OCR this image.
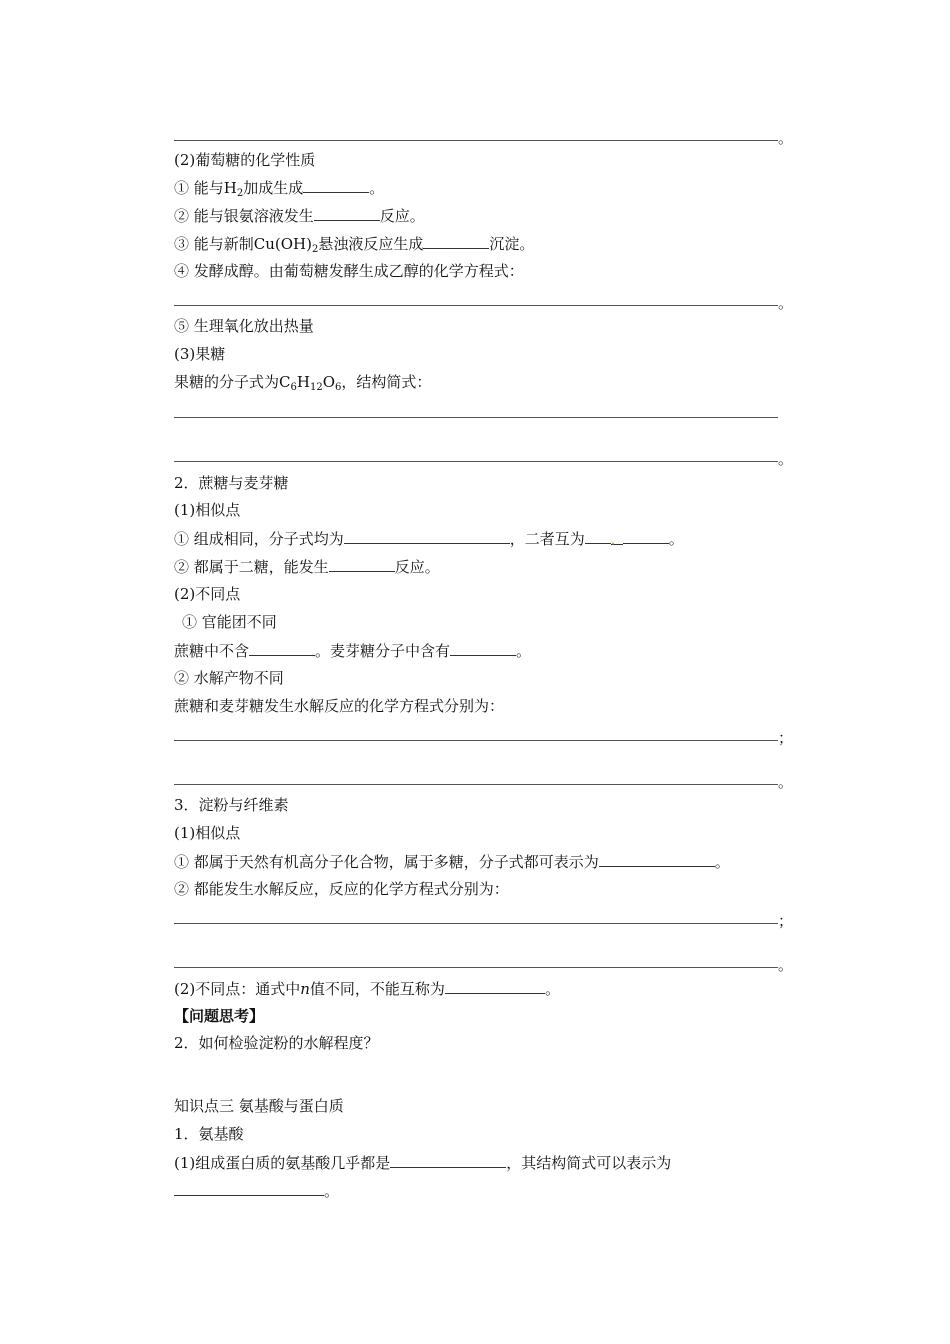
。
(2)葡萄糖的化学性质
① 能与$H_2$加成生成	。
② 能与银氨溶液发生	反应。
③ 能与新制$Cu(OH)_2$悬浊液反应生成	沉淀。
④ 发酵成醇。由葡萄糖发酵生成乙醇的化学方程式：
。
⑤ 生理氧化放出热量
(3)果糖
果糖的分子式为$C_6H_{12}O_6$，结构简式：
。
2．蔗糖与麦芽糖
(1)相似点
① 组成相同，分子式均为	，二者互为 ．	。
② 都属于二糖，能发生	反应。
(2)不同点
① 官能团不同
蔗糖中不含	。麦芽糖分子中含有	。
② 水解产物不同
蔗糖和麦芽糖发生水解反应的化学方程式分别为：
；
。
3．淀粉与纤维素
(1)相似点
① 都属于天然有机高分子化合物，属于多糖，分子式都可表示为	。
② 都能发生水解反应，反应的化学方程式分别为：
；
。
(2)不同点：通式中n值不同，不能互称为	。
【问题思考】
2．如何检验淀粉的水解程度？
知识点三 氨基酸与蛋白质
1．氨基酸
(1)组成蛋白质的氨基酸几乎都是	，其结构简式可以表示为
。
